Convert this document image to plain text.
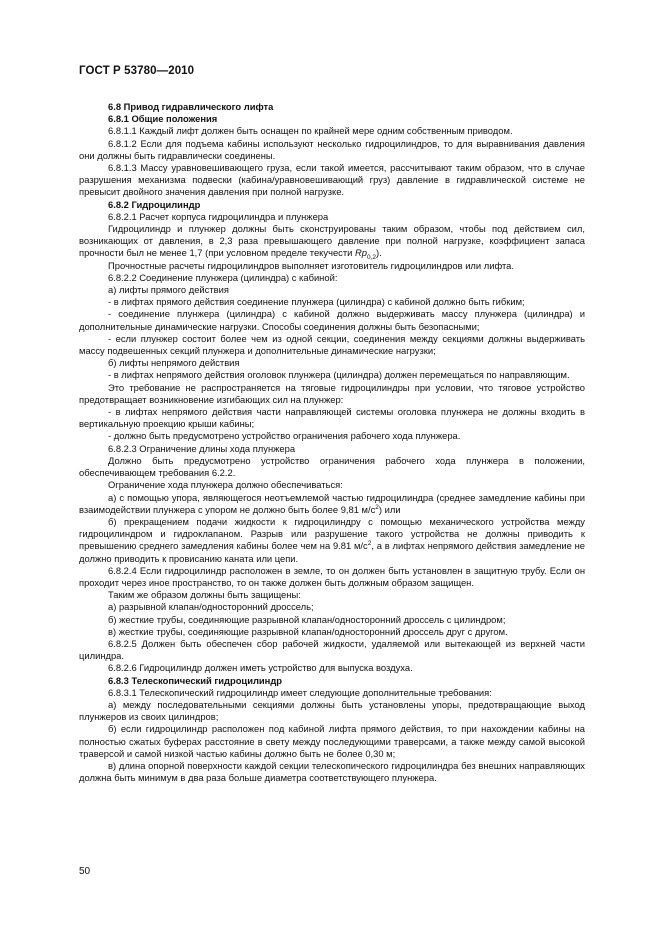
ГОСТ Р 53780—2010

6.8 Привод гидравлического лифта

6.8.1 Общие положения

6.8.1.1 Каждый лифт должен быть оснащен по крайней мере одним собственным приводом.

6.8.1.2 Если для подъема кабины используют несколько гидроцилиндров, то для выравнивания давления они должны быть гидравлически соединены.

6.8.1.3 Массу уравновешивающего груза, если такой имеется, рассчитывают таким образом, что в случае разрушения механизма подвески (кабина/уравновешивающий груз) давление в гидравлической системе не превысит двойного значения давления при полной нагрузке.

6.8.2 Гидроцилиндр

6.8.2.1 Расчет корпуса гидроцилиндра и плунжера

Гидроцилиндр и плунжер должны быть сконструированы таким образом, чтобы под действием сил, возникающих от давления, в 2,3 раза превышающего давление при полной нагрузке, коэффициент запаса прочности был не менее 1,7 (при условном пределе текучести $Rp_{0,2}$).

Прочностные расчеты гидроцилиндров выполняет изготовитель гидроцилиндров или лифта.

6.8.2.2 Соединение плунжера (цилиндра) с кабиной:

а) лифты прямого действия

- в лифтах прямого действия соединение плунжера (цилиндра) с кабиной должно быть гибким;

- соединение плунжера (цилиндра) с кабиной должно выдерживать массу плунжера (цилиндра) и дополнительные динамические нагрузки. Способы соединения должны быть безопасными;

- если плунжер состоит более чем из одной секции, соединения между секциями должны выдерживать массу подвешенных секций плунжера и дополнительные динамические нагрузки;

б) лифты непрямого действия

- в лифтах непрямого действия оголовок плунжера (цилиндра) должен перемещаться по направляющим.

Это требование не распространяется на тяговые гидроцилиндры при условии, что тяговое устройство предотвращает возникновение изгибающих сил на плунжер:

- в лифтах непрямого действия части направляющей системы оголовка плунжера не должны входить в вертикальную проекцию крыши кабины;

- должно быть предусмотрено устройство ограничения рабочего хода плунжера.

6.8.2.3 Ограничение длины хода плунжера

Должно быть предусмотрено устройство ограничения рабочего хода плунжера в положении, обеспечивающем требования 6.2.2.

Ограничение хода плунжера должно обеспечиваться:

а) с помощью упора, являющегося неотъемлемой частью гидроцилиндра (среднее замедление кабины при взаимодействии плунжера с упором не должно быть более 9,81 $м/с^2$) или

б) прекращением подачи жидкости к гидроцилиндру с помощью механического устройства между гидроцилиндром и гидроклапаном. Разрыв или разрушение такого устройства не должны приводить к превышению среднего замедления кабины более чем на 9.81 $м/с^2$, а в лифтах непрямого действия замедление не должно приводить к провисанию каната или цепи.

6.8.2.4 Если гидроцилиндр расположен в земле, то он должен быть установлен в защитную трубу. Если он проходит через иное пространство, то он также должен быть должным образом защищен.

Таким же образом должны быть защищены:

а) разрывной клапан/односторонний дроссель;

б) жесткие трубы, соединяющие разрывной клапан/односторонний дроссель с цилиндром;

в) жесткие трубы, соединяющие разрывной клапан/односторонний дроссель друг с другом.

6.8.2.5 Должен быть обеспечен сбор рабочей жидкости, удаляемой или вытекающей из верхней части цилиндра.

6.8.2.6 Гидроцилиндр должен иметь устройство для выпуска воздуха.

6.8.3 Телескопический гидроцилиндр

6.8.3.1 Телескопический гидроцилиндр имеет следующие дополнительные требования:

а) между последовательными секциями должны быть установлены упоры, предотвращающие выход плунжеров из своих цилиндров;

б) если гидроцилиндр расположен под кабиной лифта прямого действия, то при нахождении кабины на полностью сжатых буферах расстояние в свету между последующими траверсами, а также между самой высокой траверсой и самой низкой частью кабины должно быть не более 0,30 м;

в) длина опорной поверхности каждой секции телескопического гидроцилиндра без внешних направляющих должна быть минимум в два раза больше диаметра соответствующего плунжера.

50
